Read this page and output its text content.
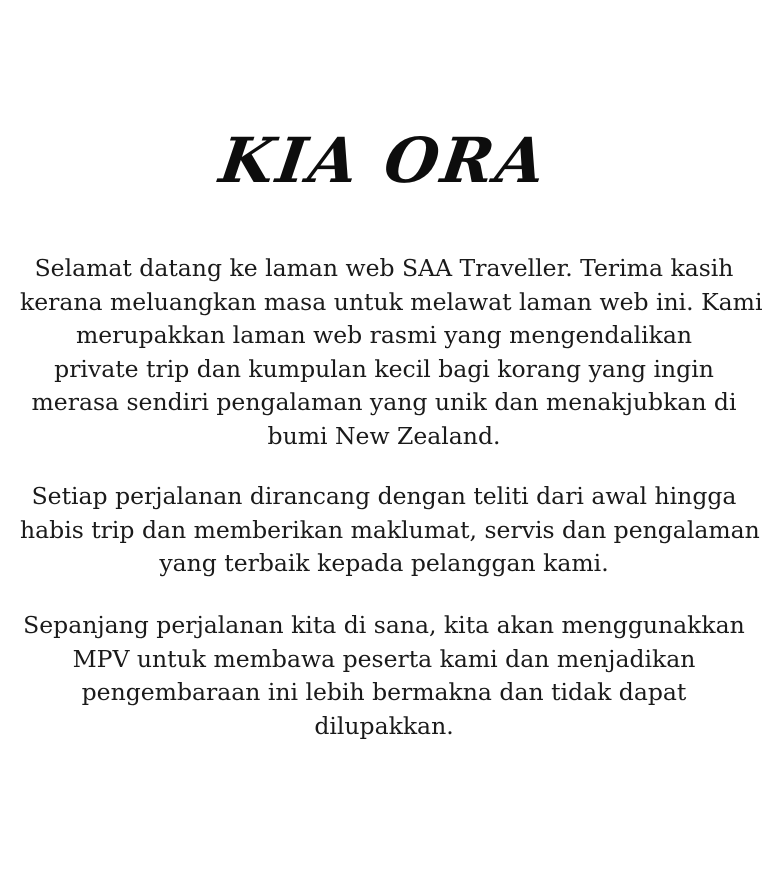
KIA ORA
Selamat datang ke laman web SAA Traveller. Terima kasih
kerana meluangkan masa untuk melawat laman web ini. Kami
merupakkan laman web rasmi yang mengendalikan
private trip dan kumpulan kecil bagi korang yang ingin
merasa sendiri pengalaman yang unik dan menakjubkan di
bumi New Zealand.
Setiap perjalanan dirancang dengan teliti dari awal hingga
habis trip dan memberikan maklumat, servis dan pengalaman
yang terbaik kepada pelanggan kami.
Sepanjang perjalanan kita di sana, kita akan menggunakkan
MPV untuk membawa peserta kami dan menjadikan
pengembaraan ini lebih bermakna dan tidak dapat
dilupakkan.
